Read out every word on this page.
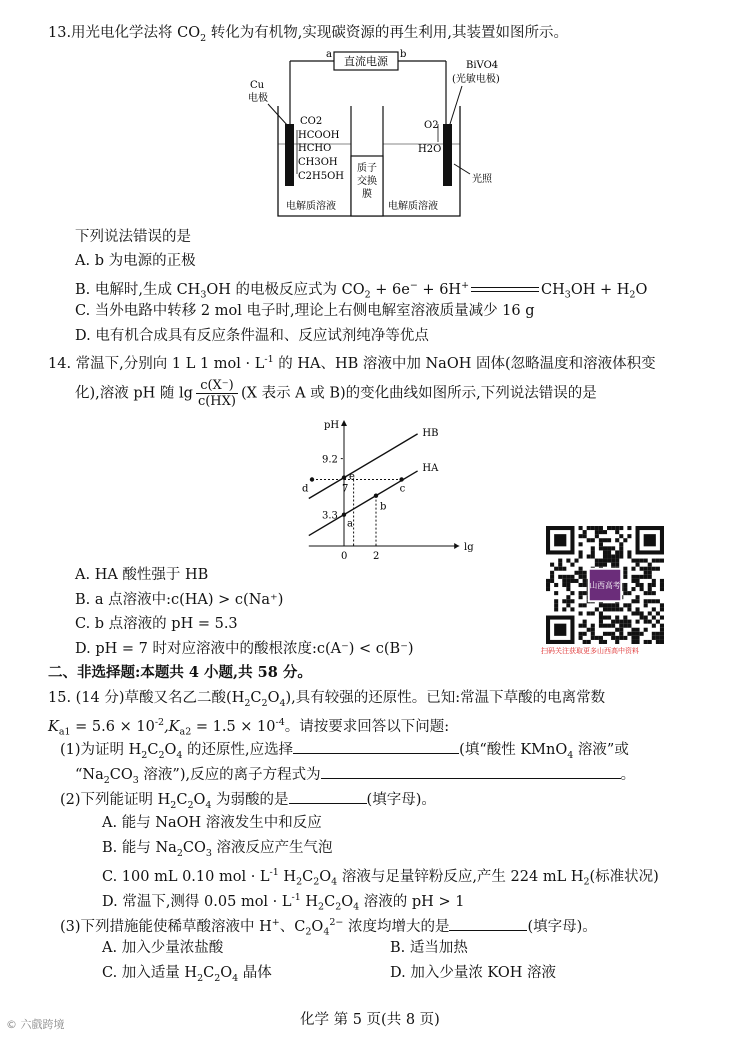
13.用光电化学法将 $CO_2$ 转化为有机物,实现碳资源的再生利用,其装置如图所示。
直流电源
a	b
Cu
电极
质子
交换
膜
CO2
HCOOH
HCHO
CH3OH
C2H5OH
电解质溶液	电解质溶液
BiVO4
(光敏电极)
O2
H2O
光照
下列说法错误的是
A. b 为电源的正极
B. 电解时,生成 $CH_3OH$ 的电极反应式为 $CO_2 + 6e^- + 6H^+$	$CH_3OH + H_2O$
C. 当外电路中转移 2 mol 电子时,理论上右侧电解室溶液质量减少 16 g
D. 电有机合成具有反应条件温和、反应试剂纯净等优点
14. 常温下,分别向 1 L 1 mol · $L^{-1}$ 的 HA、HB 溶液中加 NaOH 固体(忽略温度和溶液体积变
化),溶液 pH 随 $\lg \frac{c(X^-)}{c(HX)} (X$ 表示 A 或 B)的变化曲线如图所示,下列说法错误的是
pH
lg
HB
HA
9.2
7
3.3
0	2
a
b
c
d
e
A. HA 酸性强于 HB
B. a 点溶液中:c(HA) > c(Na⁺)
C. b 点溶液的 pH = 5.3
D. pH = 7 时对应溶液中的酸根浓度:c(A⁻) < c(B⁻)
山西高考
扫码关注获取更多山西高中资料
二、非选择题:本题共 4 小题,共 58 分。
15. (14 分)草酸又名乙二酸$(H_2C_2O_4)$,具有较强的还原性。已知:常温下草酸的电离常数
$K_{a1} = 5.6 \times 10^{-2},K_{a2} = 1.5 \times 10^{-4}$。请按要求回答以下问题:
(1)为证明 $H_2C_2O_4$ 的还原性,应选择	(填“酸性 KMnO$_4$ 溶液”或
“$Na_2CO_3$ 溶液”),反应的离子方程式为	。
(2)下列能证明 $H_2C_2O_4$ 为弱酸的是	(填字母)。
A. 能与 NaOH 溶液发生中和反应
B. 能与 $Na_2CO_3$ 溶液反应产生气泡
C. 100 mL 0.10 mol · $L^{-1}$ $H_2C_2O_4$ 溶液与足量锌粉反应,产生 224 mL $H_2$(标准状况)
D. 常温下,测得 0.05 mol · $L^{-1}$ $H_2C_2O_4$ 溶液的 pH > 1
(3)下列措施能使稀草酸溶液中 H+、$C_2O_4^{2-}$ 浓度均增大的是	(填字母)。
A. 加入少量浓盐酸	B. 适当加热
C. 加入适量 $H_2C_2O_4$ 晶体	D. 加入少量浓 KOH 溶液
化学 第 5 页(共 8 页)
© 六戲跨境
